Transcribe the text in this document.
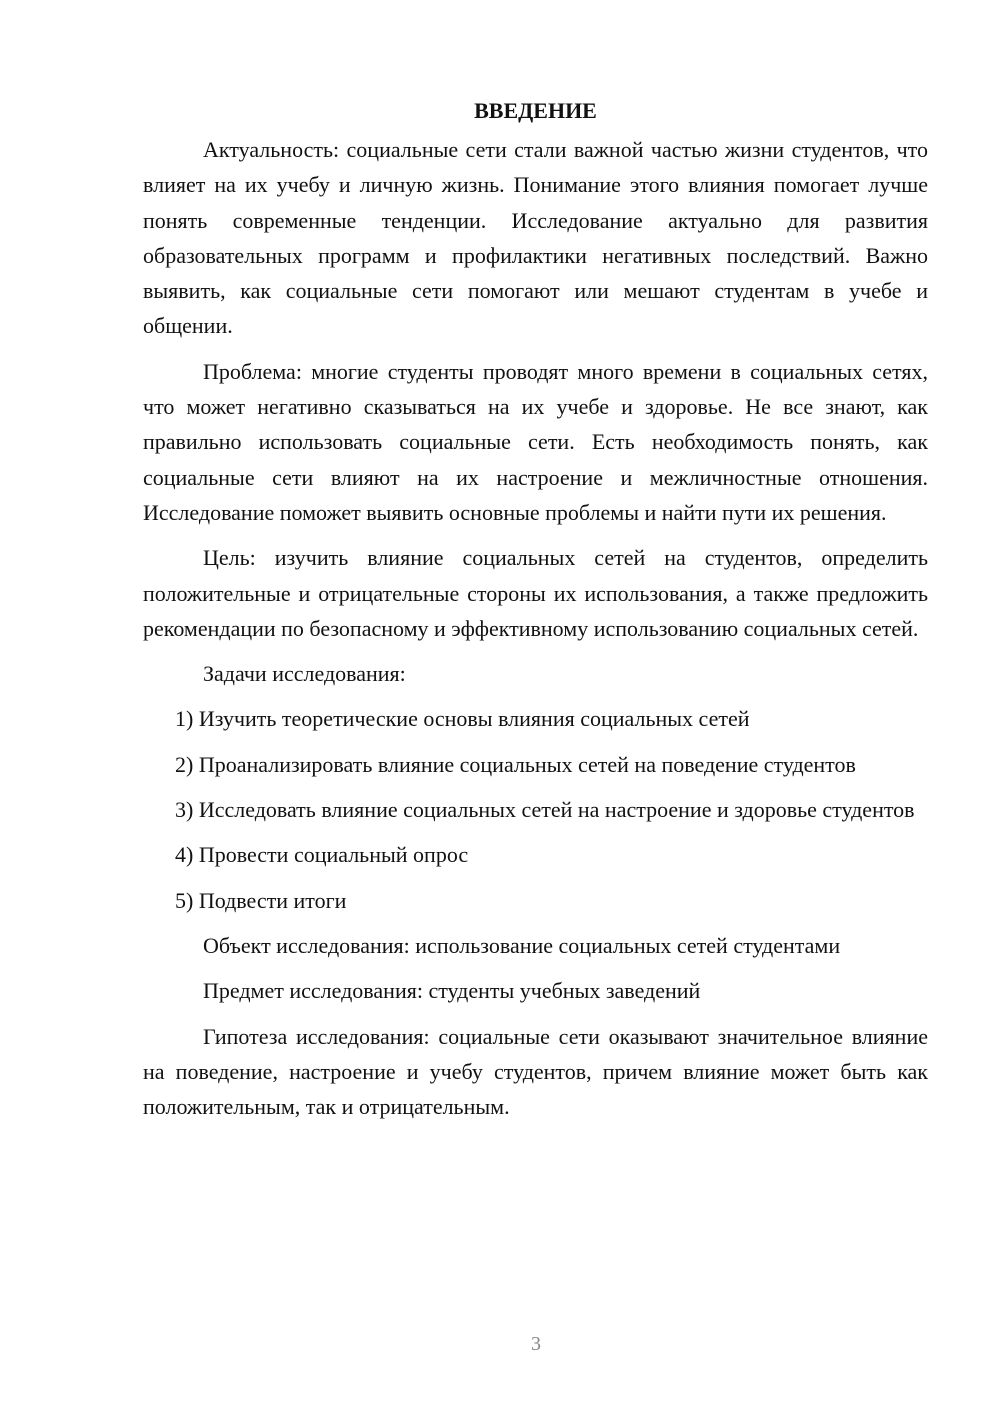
ВВЕДЕНИЕ

Актуальность: социальные сети стали важной частью жизни студентов, что влияет на их учебу и личную жизнь. Понимание этого влияния помогает лучше понять современные тенденции. Исследование актуально для развития образовательных программ и профилактики негативных последствий. Важно выявить, как социальные сети помогают или мешают студентам в учебе и общении.

Проблема: многие студенты проводят много времени в социальных сетях, что может негативно сказываться на их учебе и здоровье. Не все знают, как правильно использовать социальные сети. Есть необходимость понять, как социальные сети влияют на их настроение и межличностные отношения. Исследование поможет выявить основные проблемы и найти пути их решения.

Цель: изучить влияние социальных сетей на студентов, определить положительные и отрицательные стороны их использования, а также предложить рекомендации по безопасному и эффективному использованию социальных сетей.

Задачи исследования:

1) Изучить теоретические основы влияния социальных сетей

2) Проанализировать влияние социальных сетей на поведение студентов

3) Исследовать влияние социальных сетей на настроение и здоровье студентов

4) Провести социальный опрос

5) Подвести итоги

Объект исследования: использование социальных сетей студентами

Предмет исследования: студенты учебных заведений

Гипотеза исследования: социальные сети оказывают значительное влияние на поведение, настроение и учебу студентов, причем влияние может быть как положительным, так и отрицательным.

3
